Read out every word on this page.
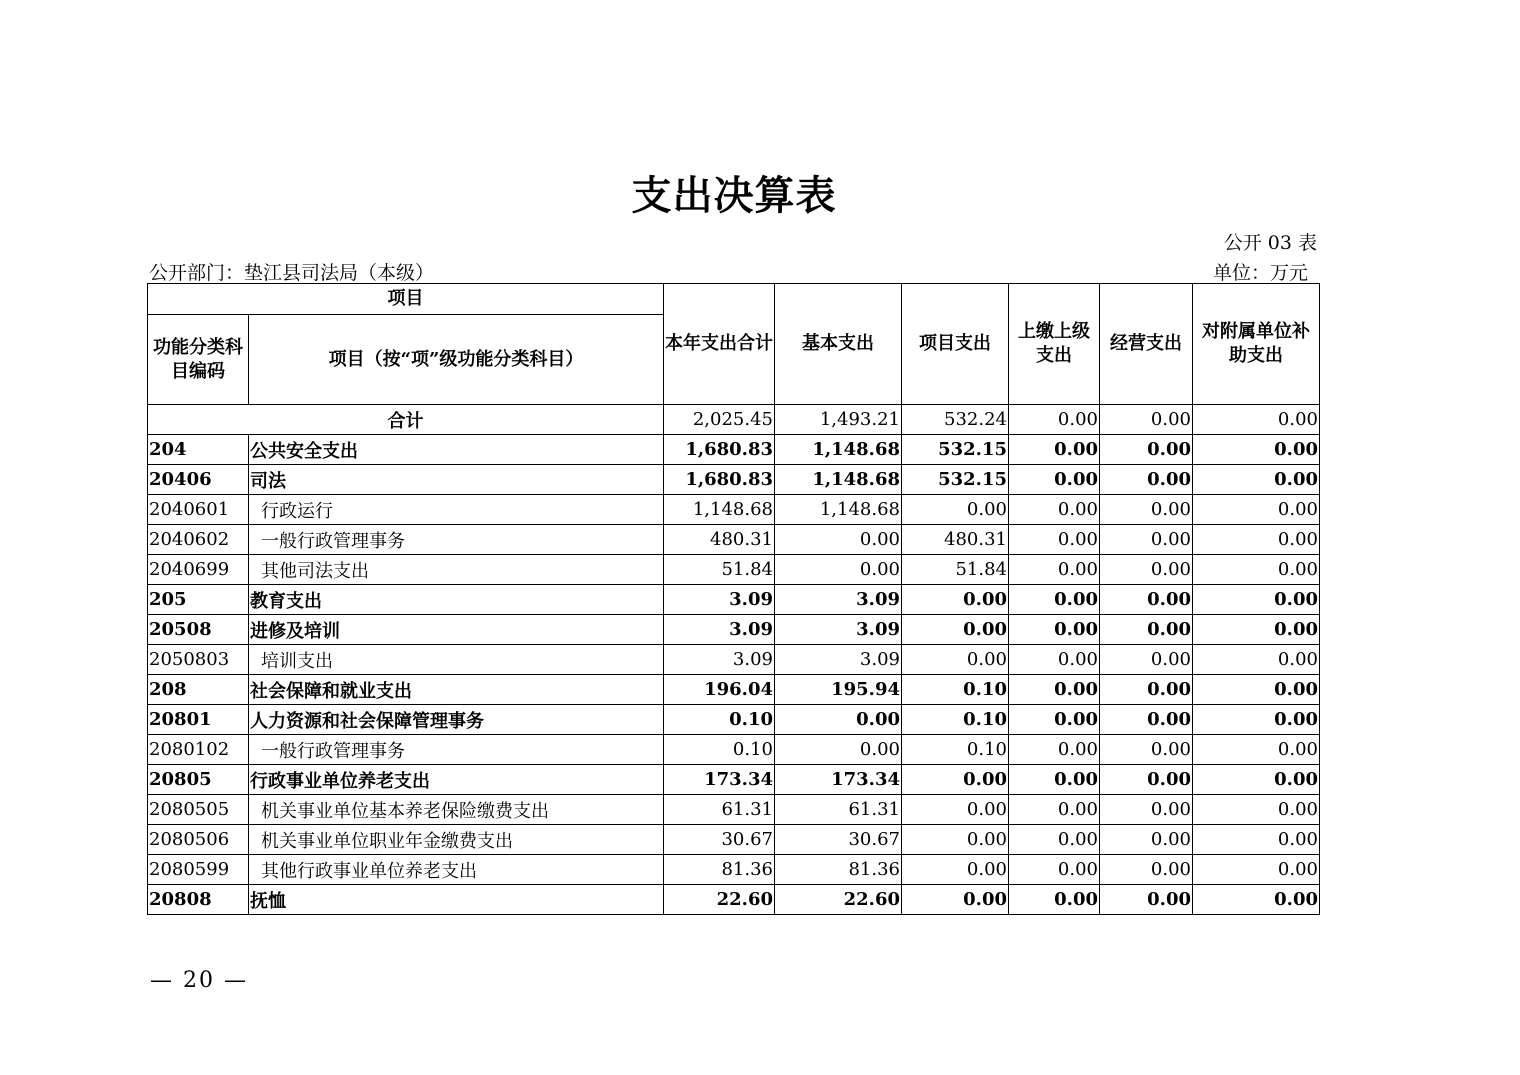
支出决算表
公开 03 表
公开部门：垫江县司法局（本级）	单位：万元
项目		本年支出合计	基本支出	项目支出	上缴上级支出	经营支出	对附属单位补助支出
功能分类科目编码	项目（按“项”级功能分类科目）						
合计		2,025.45	1,493.21	532.24	0.00	0.00	0.00
204	公共安全支出	1,680.83	1,148.68	532.15	0.00	0.00	0.00
20406	司法	1,680.83	1,148.68	532.15	0.00	0.00	0.00
2040601	行政运行	1,148.68	1,148.68	0.00	0.00	0.00	0.00
2040602	一般行政管理事务	480.31	0.00	480.31	0.00	0.00	0.00
2040699	其他司法支出	51.84	0.00	51.84	0.00	0.00	0.00
205	教育支出	3.09	3.09	0.00	0.00	0.00	0.00
20508	进修及培训	3.09	3.09	0.00	0.00	0.00	0.00
2050803	培训支出	3.09	3.09	0.00	0.00	0.00	0.00
208	社会保障和就业支出	196.04	195.94	0.10	0.00	0.00	0.00
20801	人力资源和社会保障管理事务	0.10	0.00	0.10	0.00	0.00	0.00
2080102	一般行政管理事务	0.10	0.00	0.10	0.00	0.00	0.00
20805	行政事业单位养老支出	173.34	173.34	0.00	0.00	0.00	0.00
2080505	机关事业单位基本养老保险缴费支出	61.31	61.31	0.00	0.00	0.00	0.00
2080506	机关事业单位职业年金缴费支出	30.67	30.67	0.00	0.00	0.00	0.00
2080599	其他行政事业单位养老支出	81.36	81.36	0.00	0.00	0.00	0.00
20808	抚恤	22.60	22.60	0.00	0.00	0.00	0.00
— 20 —
